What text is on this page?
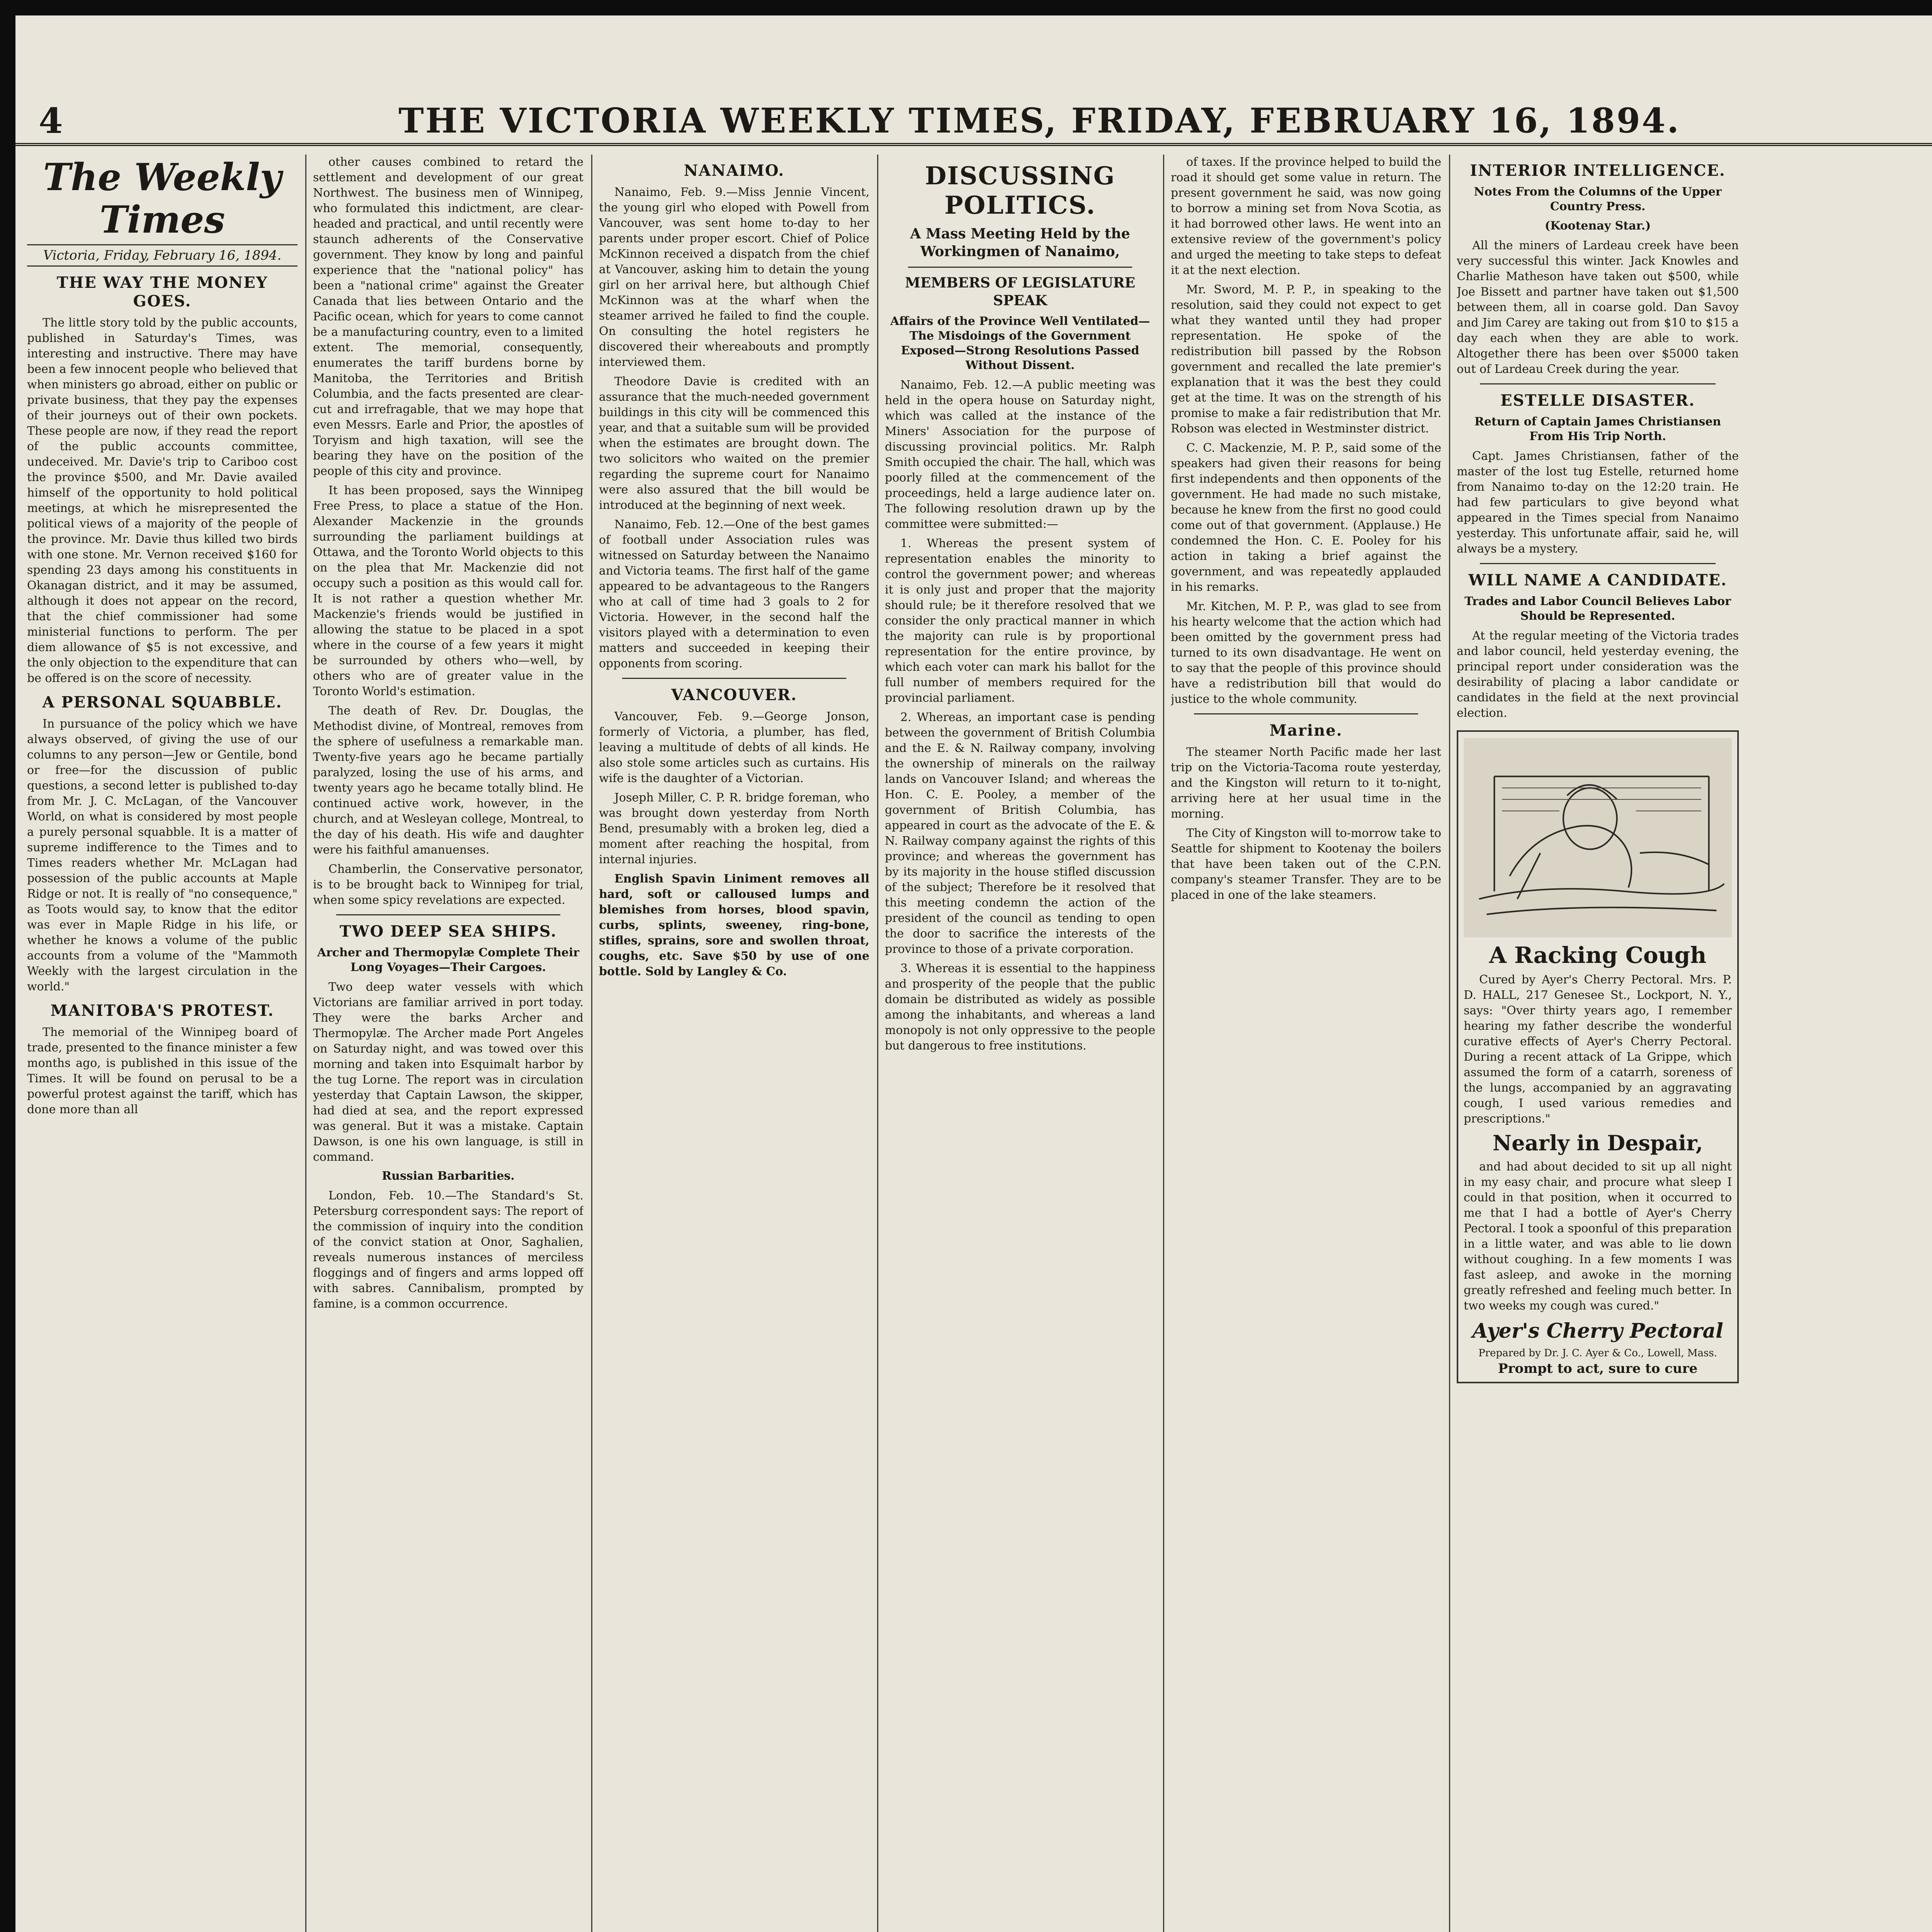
4	THE VICTORIA WEEKLY TIMES, FRIDAY, FEBRUARY 16, 1894.
The Weekly Times
Victoria, Friday, February 16, 1894.
THE WAY THE MONEY GOES.

The little story told by the public accounts, published in Saturday's Times, was interesting and instructive. There may have been a few innocent people who believed that when ministers go abroad, either on public or private business, that they pay the expenses of their journeys out of their own pockets. These people are now, if they read the report of the public accounts committee, undeceived. Mr. Davie's trip to Cariboo cost the province $500, and Mr. Davie availed himself of the opportunity to hold political meetings, at which he misrepresented the political views of a majority of the people of the province. Mr. Davie thus killed two birds with one stone. Mr. Vernon received $160 for spending 23 days among his constituents in Okanagan district, and it may be assumed, although it does not appear on the record, that the chief commissioner had some ministerial functions to perform. The per diem allowance of $5 is not excessive, and the only objection to the expenditure that can be offered is on the score of necessity.

A PERSONAL SQUABBLE.

In pursuance of the policy which we have always observed, of giving the use of our columns to any person—Jew or Gentile, bond or free—for the discussion of public questions, a second letter is published to-day from Mr. J. C. McLagan, of the Vancouver World, on what is considered by most people a purely personal squabble. It is a matter of supreme indifference to the Times and to Times readers whether Mr. McLagan had possession of the public accounts at Maple Ridge or not. It is really of "no consequence," as Toots would say, to know that the editor was ever in Maple Ridge in his life, or whether he knows a volume of the public accounts from a volume of the "Mammoth Weekly with the largest circulation in the world."

MANITOBA'S PROTEST.

The memorial of the Winnipeg board of trade, presented to the finance minister a few months ago, is published in this issue of the Times. It will be found on perusal to be a powerful protest against the tariff, which has done more than all

other causes combined to retard the settlement and development of our great Northwest. The business men of Winnipeg, who formulated this indictment, are clear-headed and practical, and until recently were staunch adherents of the Conservative government. They know by long and painful experience that the "national policy" has been a "national crime" against the Greater Canada that lies between Ontario and the Pacific ocean, which for years to come cannot be a manufacturing country, even to a limited extent. The memorial, consequently, enumerates the tariff burdens borne by Manitoba, the Territories and British Columbia, and the facts presented are clear-cut and irrefragable, that we may hope that even Messrs. Earle and Prior, the apostles of Toryism and high taxation, will see the bearing they have on the position of the people of this city and province.

It has been proposed, says the Winnipeg Free Press, to place a statue of the Hon. Alexander Mackenzie in the grounds surrounding the parliament buildings at Ottawa, and the Toronto World objects to this on the plea that Mr. Mackenzie did not occupy such a position as this would call for. It is not rather a question whether Mr. Mackenzie's friends would be justified in allowing the statue to be placed in a spot where in the course of a few years it might be surrounded by others who—well, by others who are of greater value in the Toronto World's estimation.

The death of Rev. Dr. Douglas, the Methodist divine, of Montreal, removes from the sphere of usefulness a remarkable man. Twenty-five years ago he became partially paralyzed, losing the use of his arms, and twenty years ago he became totally blind. He continued active work, however, in the church, and at Wesleyan college, Montreal, to the day of his death. His wife and daughter were his faithful amanuenses.

Chamberlin, the Conservative personator, is to be brought back to Winnipeg for trial, when some spicy revelations are expected.

TWO DEEP SEA SHIPS.
Archer and Thermopylæ Complete Their Long Voyages—Their Cargoes.

Two deep water vessels with which Victorians are familiar arrived in port today. They were the barks Archer and Thermopylæ. The Archer made Port Angeles on Saturday night, and was towed over this morning and taken into Esquimalt harbor by the tug Lorne. The report was in circulation yesterday that Captain Lawson, the skipper, had died at sea, and the report expressed was general. But it was a mistake. Captain Dawson, is one his own language, is still in command.

Russian Barbarities.

London, Feb. 10.—The Standard's St. Petersburg correspondent says: The report of the commission of inquiry into the condition of the convict station at Onor, Saghalien, reveals numerous instances of merciless floggings and of fingers and arms lopped off with sabres. Cannibalism, prompted by famine, is a common occurrence.

NANAIMO.

Nanaimo, Feb. 9.—Miss Jennie Vincent, the young girl who eloped with Powell from Vancouver, was sent home to-day to her parents under proper escort. Chief of Police McKinnon received a dispatch from the chief at Vancouver, asking him to detain the young girl on her arrival here, but although Chief McKinnon was at the wharf when the steamer arrived he failed to find the couple. On consulting the hotel registers he discovered their whereabouts and promptly interviewed them.

Theodore Davie is credited with an assurance that the much-needed government buildings in this city will be commenced this year, and that a suitable sum will be provided when the estimates are brought down. The two solicitors who waited on the premier regarding the supreme court for Nanaimo were also assured that the bill would be introduced at the beginning of next week.

Nanaimo, Feb. 12.—One of the best games of football under Association rules was witnessed on Saturday between the Nanaimo and Victoria teams. The first half of the game appeared to be advantageous to the Rangers who at call of time had 3 goals to 2 for Victoria. However, in the second half the visitors played with a determination to even matters and succeeded in keeping their opponents from scoring.

VANCOUVER.

Vancouver, Feb. 9.—George Jonson, formerly of Victoria, a plumber, has fled, leaving a multitude of debts of all kinds. He also stole some articles such as curtains. His wife is the daughter of a Victorian.

Joseph Miller, C. P. R. bridge foreman, who was brought down yesterday from North Bend, presumably with a broken leg, died a moment after reaching the hospital, from internal injuries.

English Spavin Liniment removes all hard, soft or calloused lumps and blemishes from horses, blood spavin, curbs, splints, sweeney, ring-bone, stifles, sprains, sore and swollen throat, coughs, etc. Save $50 by use of one bottle. Sold by Langley & Co.

DISCUSSING POLITICS.
A Mass Meeting Held by the Workingmen of Nanaimo,
MEMBERS OF LEGISLATURE SPEAK
Affairs of the Province Well Ventilated—The Misdoings of the Government Exposed—Strong Resolutions Passed Without Dissent.

Nanaimo, Feb. 12.—A public meeting was held in the opera house on Saturday night, which was called at the instance of the Miners' Association for the purpose of discussing provincial politics. Mr. Ralph Smith occupied the chair. The hall, which was poorly filled at the commencement of the proceedings, held a large audience later on. The following resolution drawn up by the committee were submitted:—

1. Whereas the present system of representation enables the minority to control the government power; and whereas it is only just and proper that the majority should rule; be it therefore resolved that we consider the only practical manner in which the majority can rule is by proportional representation for the entire province, by which each voter can mark his ballot for the full number of members required for the provincial parliament.

2. Whereas, an important case is pending between the government of British Columbia and the E. & N. Railway company, involving the ownership of minerals on the railway lands on Vancouver Island; and whereas the Hon. C. E. Pooley, a member of the government of British Columbia, has appeared in court as the advocate of the E. & N. Railway company against the rights of this province; and whereas the government has by its majority in the house stifled discussion of the subject; Therefore be it resolved that this meeting condemn the action of the president of the council as tending to open the door to sacrifice the interests of the province to those of a private corporation.

3. Whereas it is essential to the happiness and prosperity of the people that the public domain be distributed as widely as possible among the inhabitants, and whereas a land monopoly is not only oppressive to the people but dangerous to free institutions.

of taxes. If the province helped to build the road it should get some value in return. The present government he said, was now going to borrow a mining set from Nova Scotia, as it had borrowed other laws. He went into an extensive review of the government's policy and urged the meeting to take steps to defeat it at the next election.

Mr. Sword, M. P. P., in speaking to the resolution, said they could not expect to get what they wanted until they had proper representation. He spoke of the redistribution bill passed by the Robson government and recalled the late premier's explanation that it was the best they could get at the time. It was on the strength of his promise to make a fair redistribution that Mr. Robson was elected in Westminster district.

C. C. Mackenzie, M. P. P., said some of the speakers had given their reasons for being first independents and then opponents of the government. He had made no such mistake, because he knew from the first no good could come out of that government. (Applause.) He condemned the Hon. C. E. Pooley for his action in taking a brief against the government, and was repeatedly applauded in his remarks.

Mr. Kitchen, M. P. P., was glad to see from his hearty welcome that the action which had been omitted by the government press had turned to its own disadvantage. He went on to say that the people of this province should have a redistribution bill that would do justice to the whole community.

Marine.

The steamer North Pacific made her last trip on the Victoria-Tacoma route yesterday, and the Kingston will return to it to-night, arriving here at her usual time in the morning.

The City of Kingston will to-morrow take to Seattle for shipment to Kootenay the boilers that have been taken out of the C.P.N. company's steamer Transfer. They are to be placed in one of the lake steamers.

INTERIOR INTELLIGENCE.
Notes From the Columns of the Upper Country Press.
(Kootenay Star.)

All the miners of Lardeau creek have been very successful this winter. Jack Knowles and Charlie Matheson have taken out $500, while Joe Bissett and partner have taken out $1,500 between them, all in coarse gold. Dan Savoy and Jim Carey are taking out from $10 to $15 a day each when they are able to work. Altogether there has been over $5000 taken out of Lardeau Creek during the year.

ESTELLE DISASTER.
Return of Captain James Christiansen From His Trip North.

Capt. James Christiansen, father of the master of the lost tug Estelle, returned home from Nanaimo to-day on the 12:20 train. He had few particulars to give beyond what appeared in the Times special from Nanaimo yesterday. This unfortunate affair, said he, will always be a mystery.

WILL NAME A CANDIDATE.
Trades and Labor Council Believes Labor Should be Represented.

At the regular meeting of the Victoria trades and labor council, held yesterday evening, the principal report under consideration was the desirability of placing a labor candidate or candidates in the field at the next provincial election.

A Racking Cough

Cured by Ayer's Cherry Pectoral. Mrs. P. D. HALL, 217 Genesee St., Lockport, N. Y., says: "Over thirty years ago, I remember hearing my father describe the wonderful curative effects of Ayer's Cherry Pectoral. During a recent attack of La Grippe, which assumed the form of a catarrh, soreness of the lungs, accompanied by an aggravating cough, I used various remedies and prescriptions."

Nearly in Despair,

and had about decided to sit up all night in my easy chair, and procure what sleep I could in that position, when it occurred to me that I had a bottle of Ayer's Cherry Pectoral. I took a spoonful of this preparation in a little water, and was able to lie down without coughing. In a few moments I was fast asleep, and awoke in the morning greatly refreshed and feeling much better. In two weeks my cough was cured."

Ayer's Cherry Pectoral
Prepared by Dr. J. C. Ayer & Co., Lowell, Mass.
Prompt to act, sure to cure
